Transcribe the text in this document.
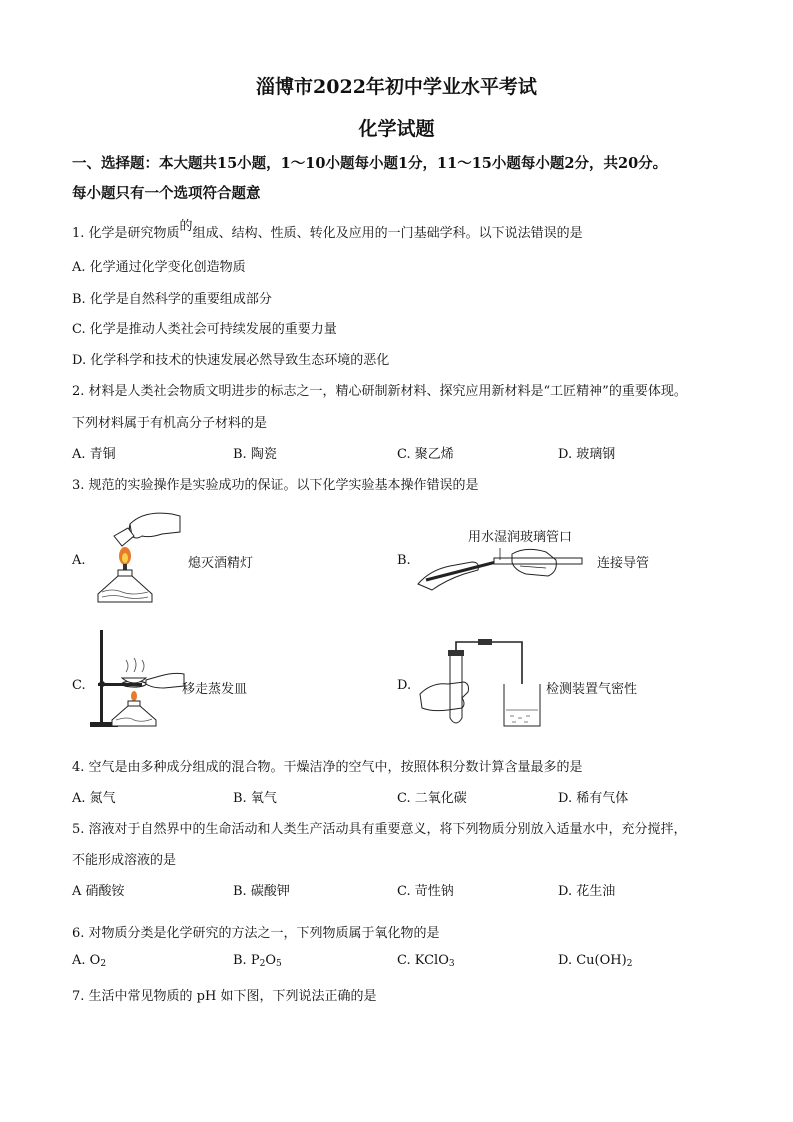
淄博市2022年初中学业水平考试
化学试题
一、选择题：本大题共15小题，1～10小题每小题1分，11～15小题每小题2分，共20分。
每小题只有一个选项符合题意
1. 化学是研究物质的组成、结构、性质、转化及应用的一门基础学科。以下说法错误的是
A. 化学通过化学变化创造物质
B. 化学是自然科学的重要组成部分
C. 化学是推动人类社会可持续发展的重要力量
D. 化学科学和技术的快速发展必然导致生态环境的恶化
2. 材料是人类社会物质文明进步的标志之一，精心研制新材料、探究应用新材料是“工匠精神”的重要体现。
下列材料属于有机高分子材料的是
A. 青铜	B. 陶瓷	C. 聚乙烯	D. 玻璃钢
3. 规范的实验操作是实验成功的保证。以下化学实验基本操作错误的是
A.	熄灭酒精灯	B.
用水湿润玻璃管口
连接导管
C.	移走蒸发皿	D.	检测装置气密性
4. 空气是由多种成分组成的混合物。干燥洁净的空气中，按照体积分数计算含量最多的是
A. 氮气	B. 氧气	C. 二氧化碳	D. 稀有气体
5. 溶液对于自然界中的生命活动和人类生产活动具有重要意义，将下列物质分别放入适量水中，充分搅拌，
不能形成溶液的是
A 硝酸铵	B. 碳酸钾	C. 苛性钠	D. 花生油
6. 对物质分类是化学研究的方法之一，下列物质属于氧化物的是
A. $O_2$	B. $P_2O_5$	C. KClO$_3$	D. $Cu(OH)_2$
7. 生活中常见物质的 pH 如下图，下列说法正确的是
